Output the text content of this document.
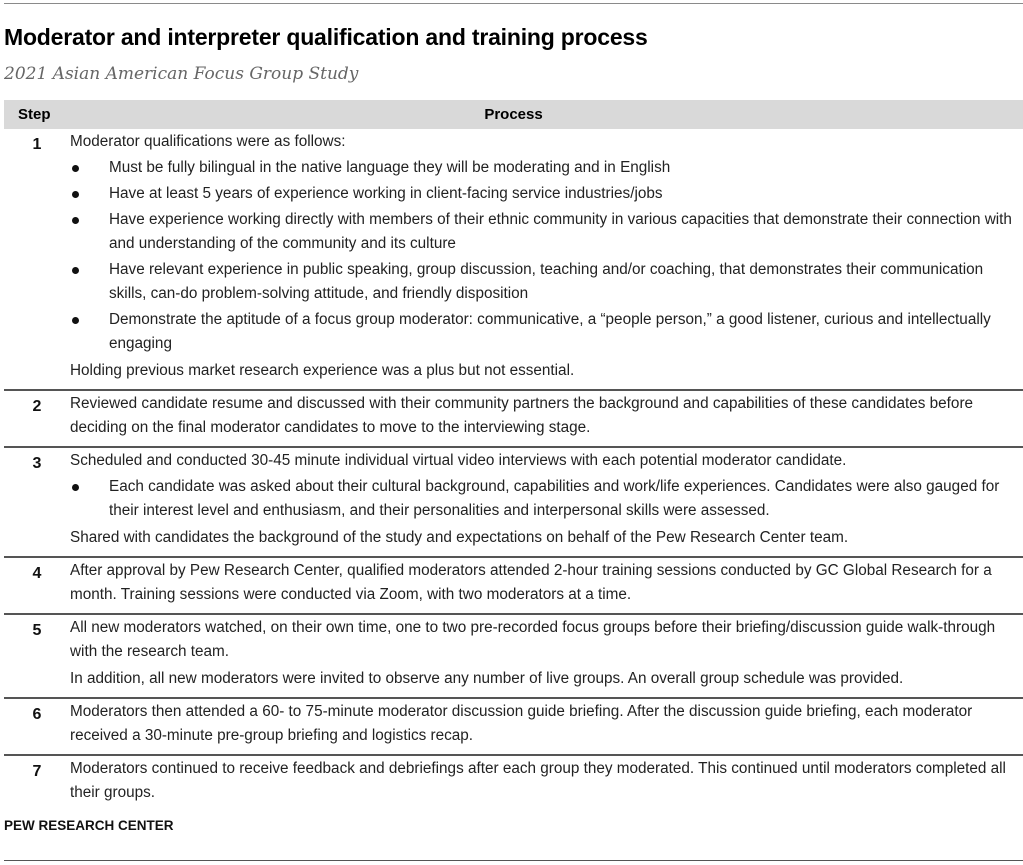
Moderator and interpreter qualification and training process

2021 Asian American Focus Group Study

Step	Process
1	Moderator qualifications were as follows:

Must be fully bilingual in the native language they will be moderating and in English
Have at least 5 years of experience working in client-facing service industries/jobs
Have experience working directly with members of their ethnic community in various capacities that demonstrate their connection with and understanding of the community and its culture
Have relevant experience in public speaking, group discussion, teaching and/or coaching, that demonstrates their communication skills, can-do problem-solving attitude, and friendly disposition
Demonstrate the aptitude of a focus group moderator: communicative, a “people person,” a good listener, curious and intellectually engaging

Holding previous market research experience was a plus but not essential.

2	Reviewed candidate resume and discussed with their community partners the background and capabilities of these candidates before deciding on the final moderator candidates to move to the interviewing stage.

3	Scheduled and conducted 30-45 minute individual virtual video interviews with each potential moderator candidate.

Each candidate was asked about their cultural background, capabilities and work/life experiences. Candidates were also gauged for their interest level and enthusiasm, and their personalities and interpersonal skills were assessed.

Shared with candidates the background of the study and expectations on behalf of the Pew Research Center team.

4	After approval by Pew Research Center, qualified moderators attended 2-hour training sessions conducted by GC Global Research for a month. Training sessions were conducted via Zoom, with two moderators at a time.

5	All new moderators watched, on their own time, one to two pre-recorded focus groups before their briefing/discussion guide walk-through with the research team.

In addition, all new moderators were invited to observe any number of live groups. An overall group schedule was provided.

6	Moderators then attended a 60- to 75-minute moderator discussion guide briefing. After the discussion guide briefing, each moderator received a 30-minute pre-group briefing and logistics recap.

7	Moderators continued to receive feedback and debriefings after each group they moderated. This continued until moderators completed all their groups.

PEW RESEARCH CENTER
